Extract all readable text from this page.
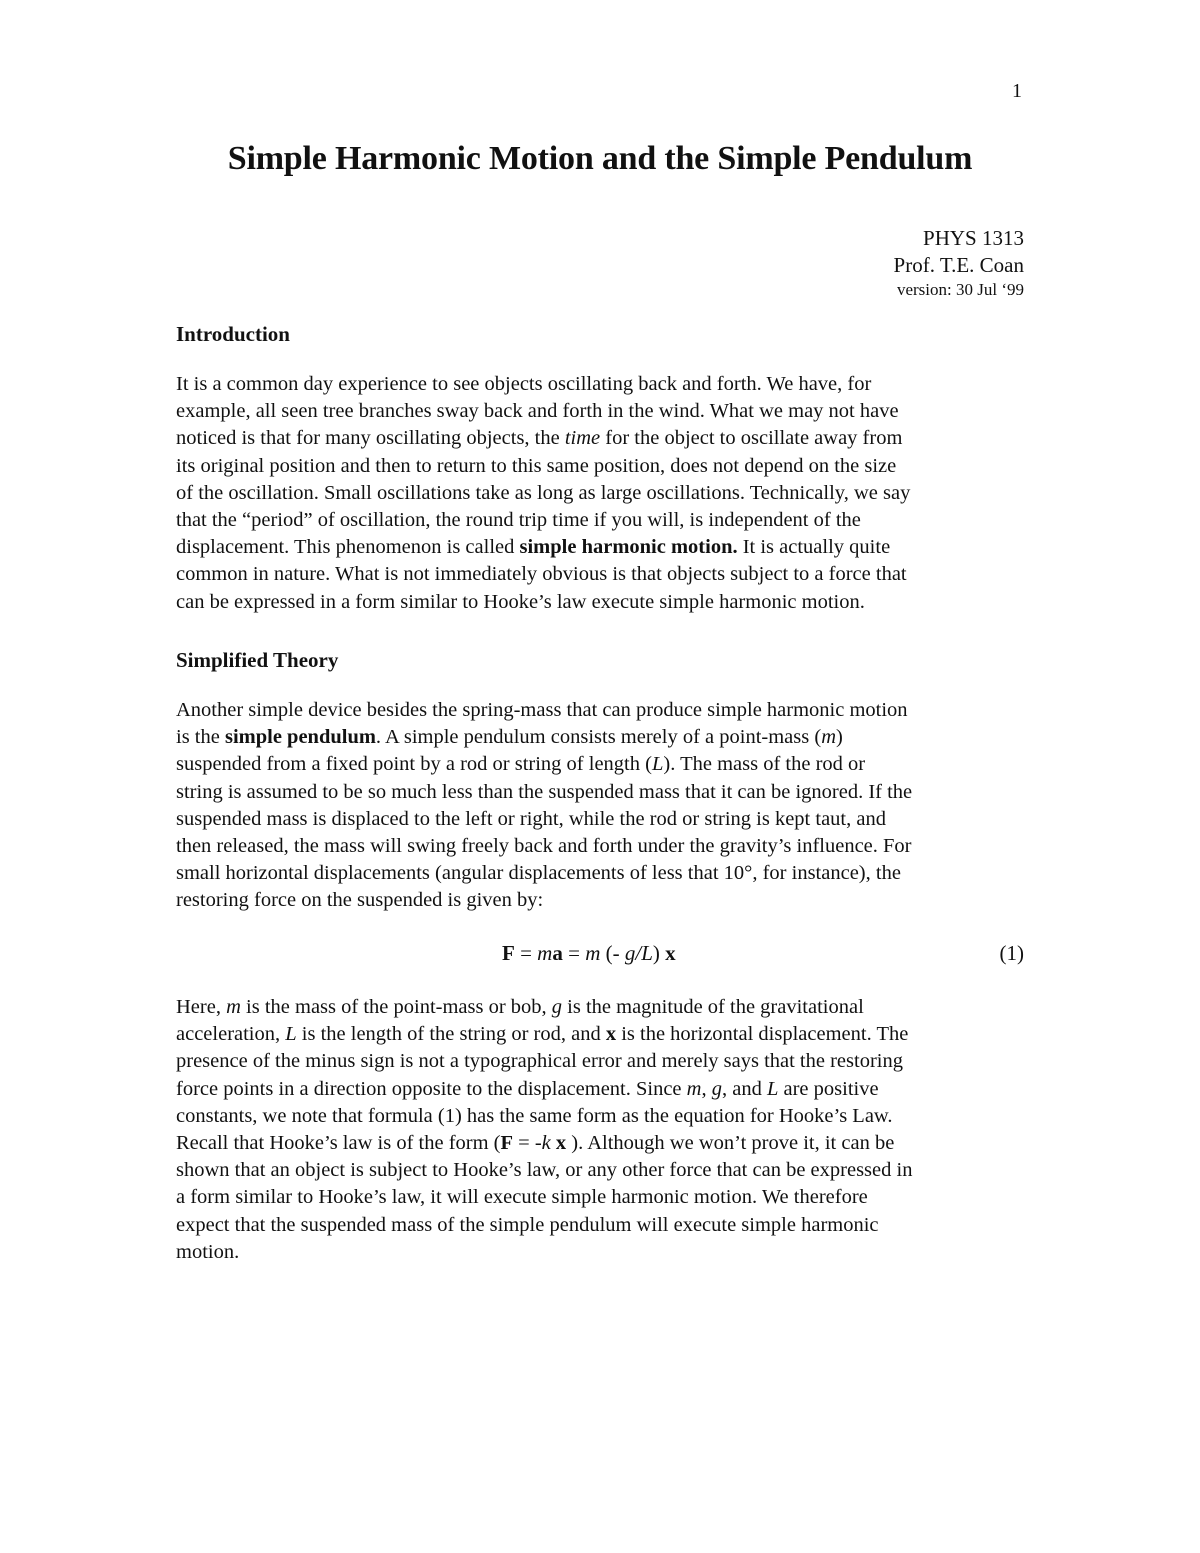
1
Simple Harmonic Motion and the Simple Pendulum
PHYS 1313
Prof. T.E. Coan
version: 30 Jul ‘99
Introduction
It is a common day experience to see objects oscillating back and forth. We have, for
example, all seen tree branches sway back and forth in the wind. What we may not have
noticed is that for many oscillating objects, the time for the object to oscillate away from
its original position and then to return to this same position, does not depend on the size
of the oscillation. Small oscillations take as long as large oscillations. Technically, we say
that the “period” of oscillation, the round trip time if you will, is independent of the
displacement. This phenomenon is called simple harmonic motion. It is actually quite
common in nature. What is not immediately obvious is that objects subject to a force that
can be expressed in a form similar to Hooke’s law execute simple harmonic motion.
Simplified Theory
Another simple device besides the spring-mass that can produce simple harmonic motion
is the simple pendulum. A simple pendulum consists merely of a point-mass (m)
suspended from a fixed point by a rod or string of length (L). The mass of the rod or
string is assumed to be so much less than the suspended mass that it can be ignored. If the
suspended mass is displaced to the left or right, while the rod or string is kept taut, and
then released, the mass will swing freely back and forth under the gravity’s influence. For
small horizontal displacements (angular displacements of less that 10°, for instance), the
restoring force on the suspended is given by:
F = ma = m (- g/L) x	(1)
Here, m is the mass of the point-mass or bob, g is the magnitude of the gravitational
acceleration, L is the length of the string or rod, and x is the horizontal displacement. The
presence of the minus sign is not a typographical error and merely says that the restoring
force points in a direction opposite to the displacement. Since m, g, and L are positive
constants, we note that formula (1) has the same form as the equation for Hooke’s Law.
Recall that Hooke’s law is of the form (F = -k x ). Although we won’t prove it, it can be
shown that an object is subject to Hooke’s law, or any other force that can be expressed in
a form similar to Hooke’s law, it will execute simple harmonic motion. We therefore
expect that the suspended mass of the simple pendulum will execute simple harmonic
motion.
